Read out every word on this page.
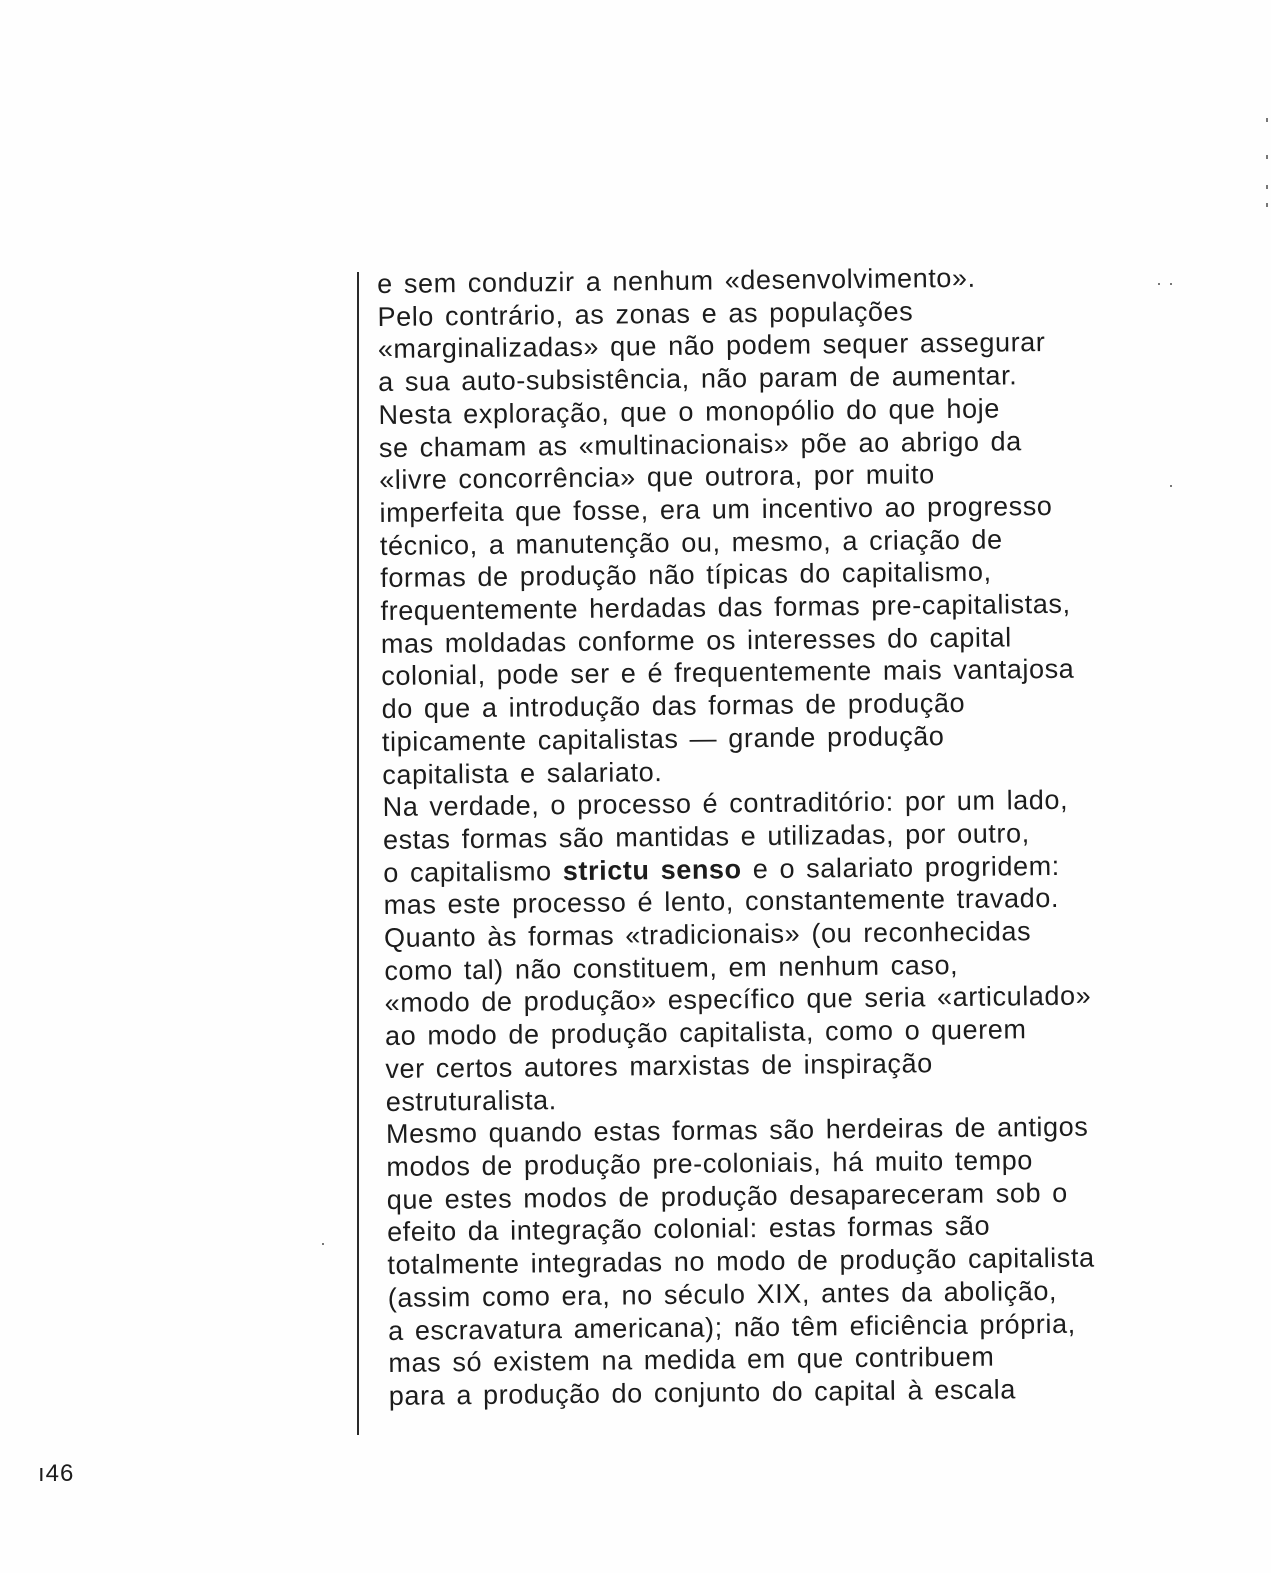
e sem conduzir a nenhum «desenvolvimento».
Pelo contrário, as zonas e as populações
«marginalizadas» que não podem sequer assegurar
a sua auto-subsistência, não param de aumentar.
Nesta exploração, que o monopólio do que hoje
se chamam as «multinacionais» põe ao abrigo da
«livre concorrência» que outrora, por muito
imperfeita que fosse, era um incentivo ao progresso
técnico, a manutenção ou, mesmo, a criação de
formas de produção não típicas do capitalismo,
frequentemente herdadas das formas pre-capitalistas,
mas moldadas conforme os interesses do capital
colonial, pode ser e é frequentemente mais vantajosa
do que a introdução das formas de produção
tipicamente capitalistas — grande produção
capitalista e salariato.
Na verdade, o processo é contraditório: por um lado,
estas formas são mantidas e utilizadas, por outro,
o capitalismo strictu senso e o salariato progridem:
mas este processo é lento, constantemente travado.
Quanto às formas «tradicionais» (ou reconhecidas
como tal) não constituem, em nenhum caso,
«modo de produção» específico que seria «articulado»
ao modo de produção capitalista, como o querem
ver certos autores marxistas de inspiração
estruturalista.
Mesmo quando estas formas são herdeiras de antigos
modos de produção pre-coloniais, há muito tempo
que estes modos de produção desapareceram sob o
efeito da integração colonial: estas formas são
totalmente integradas no modo de produção capitalista
(assim como era, no século XIX, antes da abolição,
a escravatura americana); não têm eficiência própria,
mas só existem na medida em que contribuem
para a produção do conjunto do capital à escala
ı46
